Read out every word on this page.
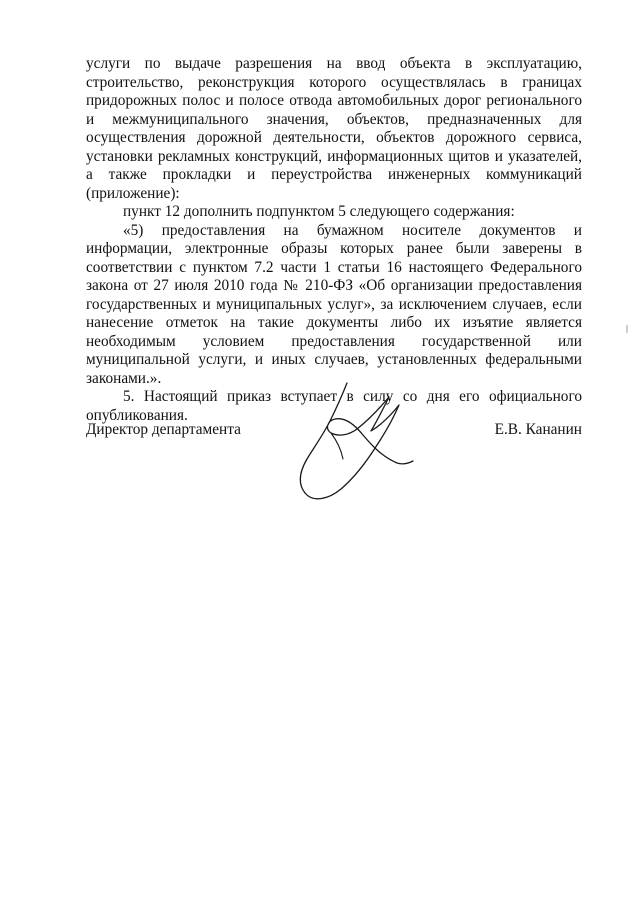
услуги по выдаче разрешения на ввод объекта в эксплуатацию, строительство, реконструкция которого осуществлялась в границах придорожных полос и полосе отвода автомобильных дорог регионального и межмуниципального значения, объектов, предназначенных для осуществления дорожной деятельности, объектов дорожного сервиса, установки рекламных конструкций, информационных щитов и указателей, а также прокладки и переустройства инженерных коммуникаций (приложение):

пункт 12 дополнить подпунктом 5 следующего содержания:

«5) предоставления на бумажном носителе документов и информации, электронные образы которых ранее были заверены в соответствии с пунктом 7.2 части 1 статьи 16 настоящего Федерального закона от 27 июля 2010 года № 210-ФЗ «Об организации предоставления государственных и муниципальных услуг», за исключением случаев, если нанесение отметок на такие документы либо их изъятие является необходимым условием предоставления государственной или муниципальной услуги, и иных случаев, установленных федеральными законами.».

5. Настоящий приказ вступает в силу со дня его официального опубликования.

Директор департамента	Е.В. Кананин
